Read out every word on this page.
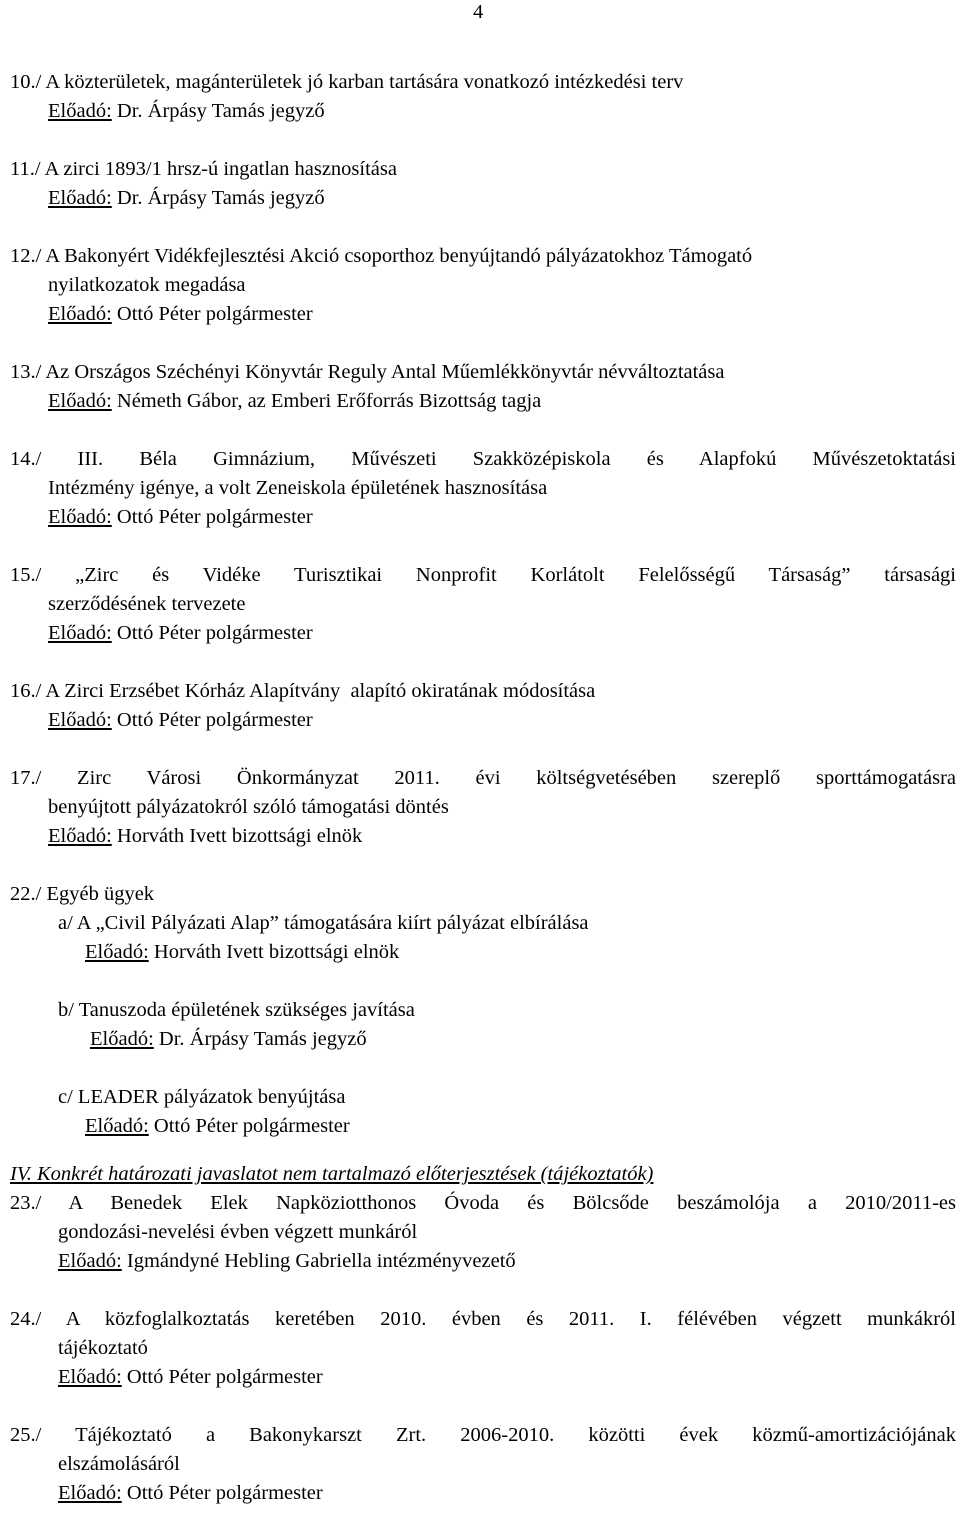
4
10./ A közterületek, magánterületek jó karban tartására vonatkozó intézkedési terv
Előadó: Dr. Árpásy Tamás jegyző
11./ A zirci 1893/1 hrsz-ú ingatlan hasznosítása
Előadó: Dr. Árpásy Tamás jegyző
12./ A Bakonyért Vidékfejlesztési Akció csoporthoz benyújtandó pályázatokhoz Támogató
nyilatkozatok megadása
Előadó: Ottó Péter polgármester
13./ Az Országos Széchényi Könyvtár Reguly Antal Műemlékkönyvtár névváltoztatása
Előadó: Németh Gábor, az Emberi Erőforrás Bizottság tagja
14./ III. Béla Gimnázium, Művészeti Szakközépiskola és Alapfokú Művészetoktatási
Intézmény igénye, a volt Zeneiskola épületének hasznosítása
Előadó: Ottó Péter polgármester
15./ „Zirc és Vidéke Turisztikai Nonprofit Korlátolt Felelősségű Társaság” társasági
szerződésének tervezete
Előadó: Ottó Péter polgármester
16./ A Zirci Erzsébet Kórház Alapítvány  alapító okiratának módosítása
Előadó: Ottó Péter polgármester
17./ Zirc Városi Önkormányzat 2011. évi költségvetésében szereplő sporttámogatásra
benyújtott pályázatokról szóló támogatási döntés
Előadó: Horváth Ivett bizottsági elnök
22./ Egyéb ügyek
a/ A „Civil Pályázati Alap” támogatására kiírt pályázat elbírálása
Előadó: Horváth Ivett bizottsági elnök
b/ Tanuszoda épületének szükséges javítása
Előadó: Dr. Árpásy Tamás jegyző
c/ LEADER pályázatok benyújtása
Előadó: Ottó Péter polgármester
IV. Konkrét határozati javaslatot nem tartalmazó előterjesztések (tájékoztatók)
23./ A Benedek Elek Napköziotthonos Óvoda és Bölcsőde beszámolója a 2010/2011-es
gondozási-nevelési évben végzett munkáról
Előadó: Igmándyné Hebling Gabriella intézményvezető
24./ A közfoglalkoztatás keretében 2010. évben és 2011. I. félévében végzett munkákról
tájékoztató
Előadó: Ottó Péter polgármester
25./ Tájékoztató a Bakonykarszt Zrt. 2006-2010. közötti évek közmű-amortizációjának
elszámolásáról
Előadó: Ottó Péter polgármester
